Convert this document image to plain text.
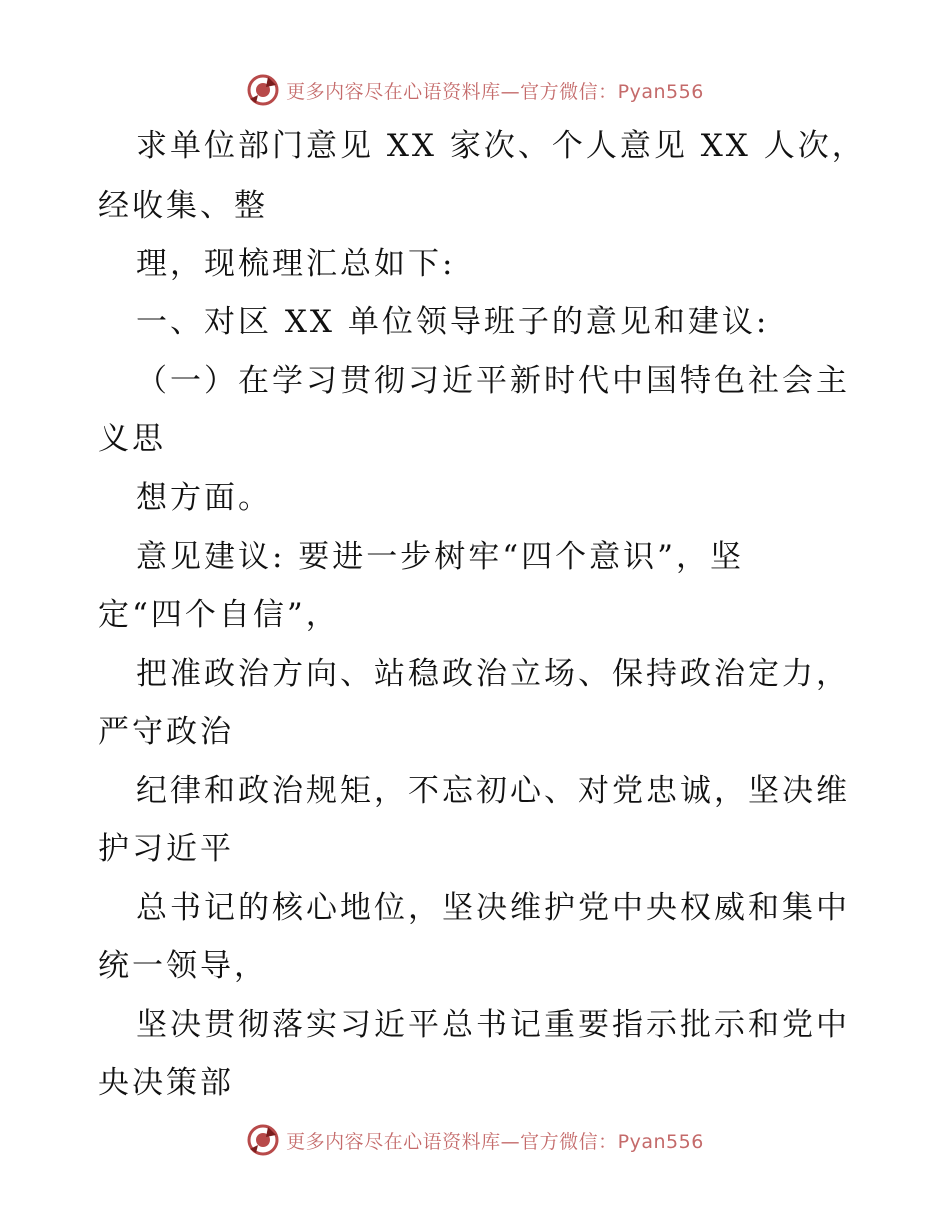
更多内容尽在心语资料库—官方微信：Pyan556
求单位部门意见 XX 家次、个人意见 XX 人次，
经收集、整
理，现梳理汇总如下:
一、对区 XX 单位领导班子的意见和建议:
（一）在学习贯彻习近平新时代中国特色社会主
义思
想方面。
意见建议: 要进一步树牢“四个意识”，坚
定“四个自信”，
把准政治方向、站稳政治立场、保持政治定力，
严守政治
纪律和政治规矩，不忘初心、对党忠诚，坚决维
护习近平
总书记的核心地位，坚决维护党中央权威和集中
统一领导，
坚决贯彻落实习近平总书记重要指示批示和党中
央决策部
更多内容尽在心语资料库—官方微信：Pyan556
